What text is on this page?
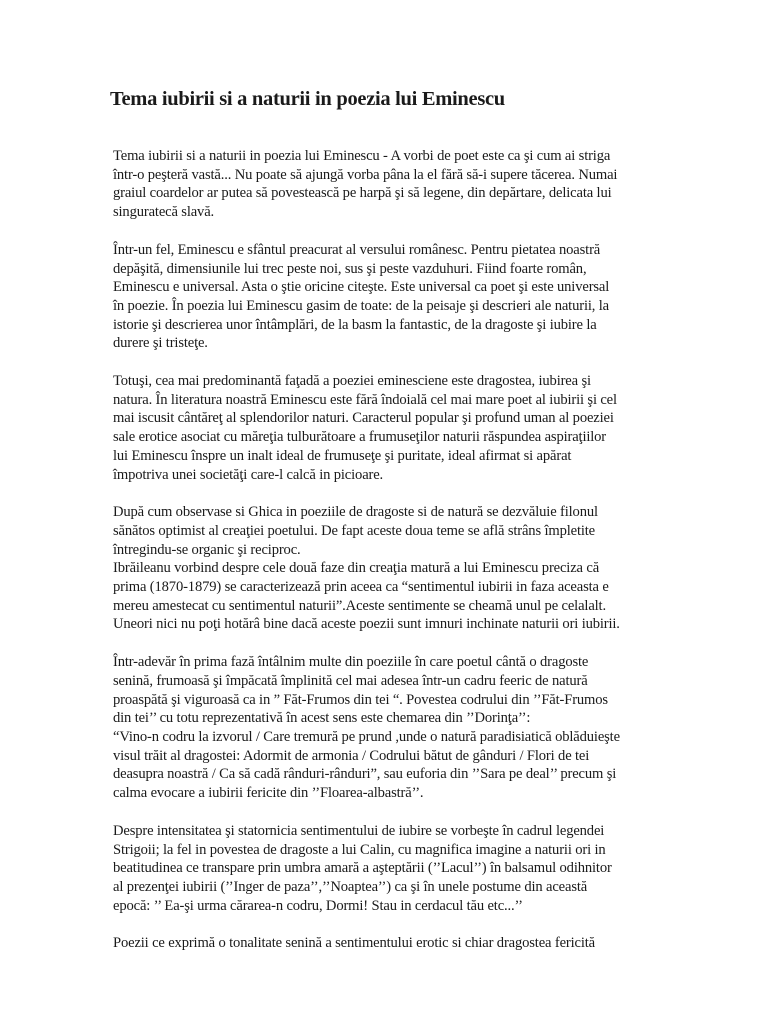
Tema iubirii si a naturii in poezia lui Eminescu

Tema iubirii si a naturii in poezia lui Eminescu - A vorbi de poet este ca şi cum ai striga
într-o peşteră vastă... Nu poate să ajungă vorba pâna la el fără să-i supere tăcerea. Numai
graiul coardelor ar putea să povestească pe harpă şi să legene, din depărtare, delicata lui
singuratecă slavă.

Într-un fel, Eminescu e sfântul preacurat al versului românesc. Pentru pietatea noastră
depăşită, dimensiunile lui trec peste noi, sus şi peste vazduhuri. Fiind foarte român,
Eminescu e universal. Asta o ştie oricine citeşte. Este universal ca poet şi este universal
în poezie. În poezia lui Eminescu gasim de toate: de la peisaje şi descrieri ale naturii, la
istorie şi descrierea unor întâmplări, de la basm la fantastic, de la dragoste şi iubire la
durere şi tristeţe.

Totuşi, cea mai predominantă faţadă a poeziei eminesciene este dragostea, iubirea şi
natura. În literatura noastră Eminescu este fără îndoială cel mai mare poet al iubirii şi cel
mai iscusit cântăreţ al splendorilor naturi. Caracterul popular şi profund uman al poeziei
sale erotice asociat cu măreţia tulburătoare a frumuseţilor naturii răspundea aspiraţiilor
lui Eminescu înspre un inalt ideal de frumuseţe şi puritate, ideal afirmat si apărat
împotriva unei societăţi care-l calcă in picioare.

După cum observase si Ghica in poeziile de dragoste si de natură se dezvăluie filonul
sănătos optimist al creaţiei poetului. De fapt aceste doua teme se află strâns împletite
întregindu-se organic şi reciproc.

Ibrăileanu vorbind despre cele două faze din creaţia matură a lui Eminescu preciza că
prima (1870-1879) se caracterizează prin aceea ca “sentimentul iubirii in faza aceasta e
mereu amestecat cu sentimentul naturii”.Aceste sentimente se cheamă unul pe celalalt.
Uneori nici nu poţi hotărâ bine dacă aceste poezii sunt imnuri inchinate naturii ori iubirii.

Într-adevăr în prima fază întâlnim multe din poeziile în care poetul cântă o dragoste
senină, frumoasă şi împăcată împlinită cel mai adesea într-un cadru feeric de natură
proaspătă şi viguroasă ca in ” Făt-Frumos din tei “. Povestea codrului din ’’Făt-Frumos
din tei’’ cu totu reprezentativă în acest sens este chemarea din ’’Dorinţa’’:
“Vino-n codru la izvorul / Care tremură pe prund ,unde o natură paradisiatică oblăduieşte
visul trăit al dragostei: Adormit de armonia / Codrului bătut de gânduri / Flori de tei
deasupra noastră / Ca să cadă rânduri-rânduri”, sau euforia din ’’Sara pe deal’’ precum şi
calma evocare a iubirii fericite din ’’Floarea-albastră’’.

Despre intensitatea şi statornicia sentimentului de iubire se vorbeşte în cadrul legendei
Strigoii; la fel in povestea de dragoste a lui Calin, cu magnifica imagine a naturii ori in
beatitudinea ce transpare prin umbra amară a aşteptării (’’Lacul’’) în balsamul odihnitor
al prezenţei iubirii (’’Inger de paza’’,’’Noaptea’’) ca şi în unele postume din această
epocă: ’’ Ea-şi urma cărarea-n codru, Dormi! Stau in cerdacul tău etc...’’

Poezii ce exprimă o tonalitate senină a sentimentului erotic si chiar dragostea fericită
